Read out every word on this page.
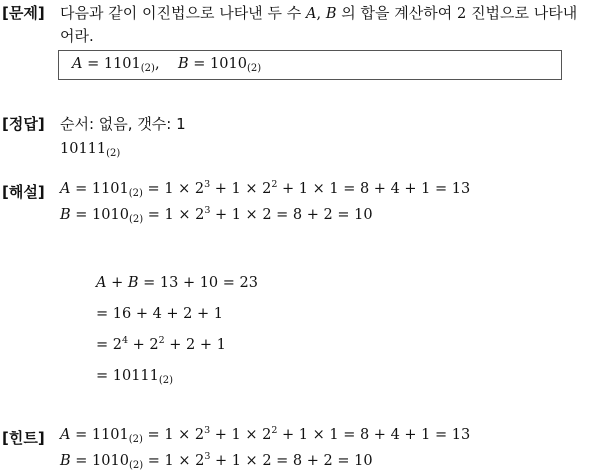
[문제] 다음과 같이 이진법으로 나타낸 두 수 A, B 의 합을 계산하여 2 진법으로 나타내
어라.
$A = 1101_{(2)}$, $B = 1010_{(2)}$
[정답] 순서: 없음, 갯수: 1
$10111_{(2)}$
[해설] $A = 1101_{(2)} = 1 \times 2^3 + 1 \times 2^2 + 1 \times 1 = 8 + 4 + 1 = 13$
$B = 1010_{(2)} = 1 \times 2^3 + 1 \times 2 = 8 + 2 = 10$
A + B = 13 + 10 = 23
= 16 + 4 + 2 + 1
= $2^4 + 2^2 + 2 + 1$
= $10111_{(2)}$
[힌트] $A = 1101_{(2)} = 1 \times 2^3 + 1 \times 2^2 + 1 \times 1 = 8 + 4 + 1 = 13$
$B = 1010_{(2)} = 1 \times 2^3 + 1 \times 2 = 8 + 2 = 10$
